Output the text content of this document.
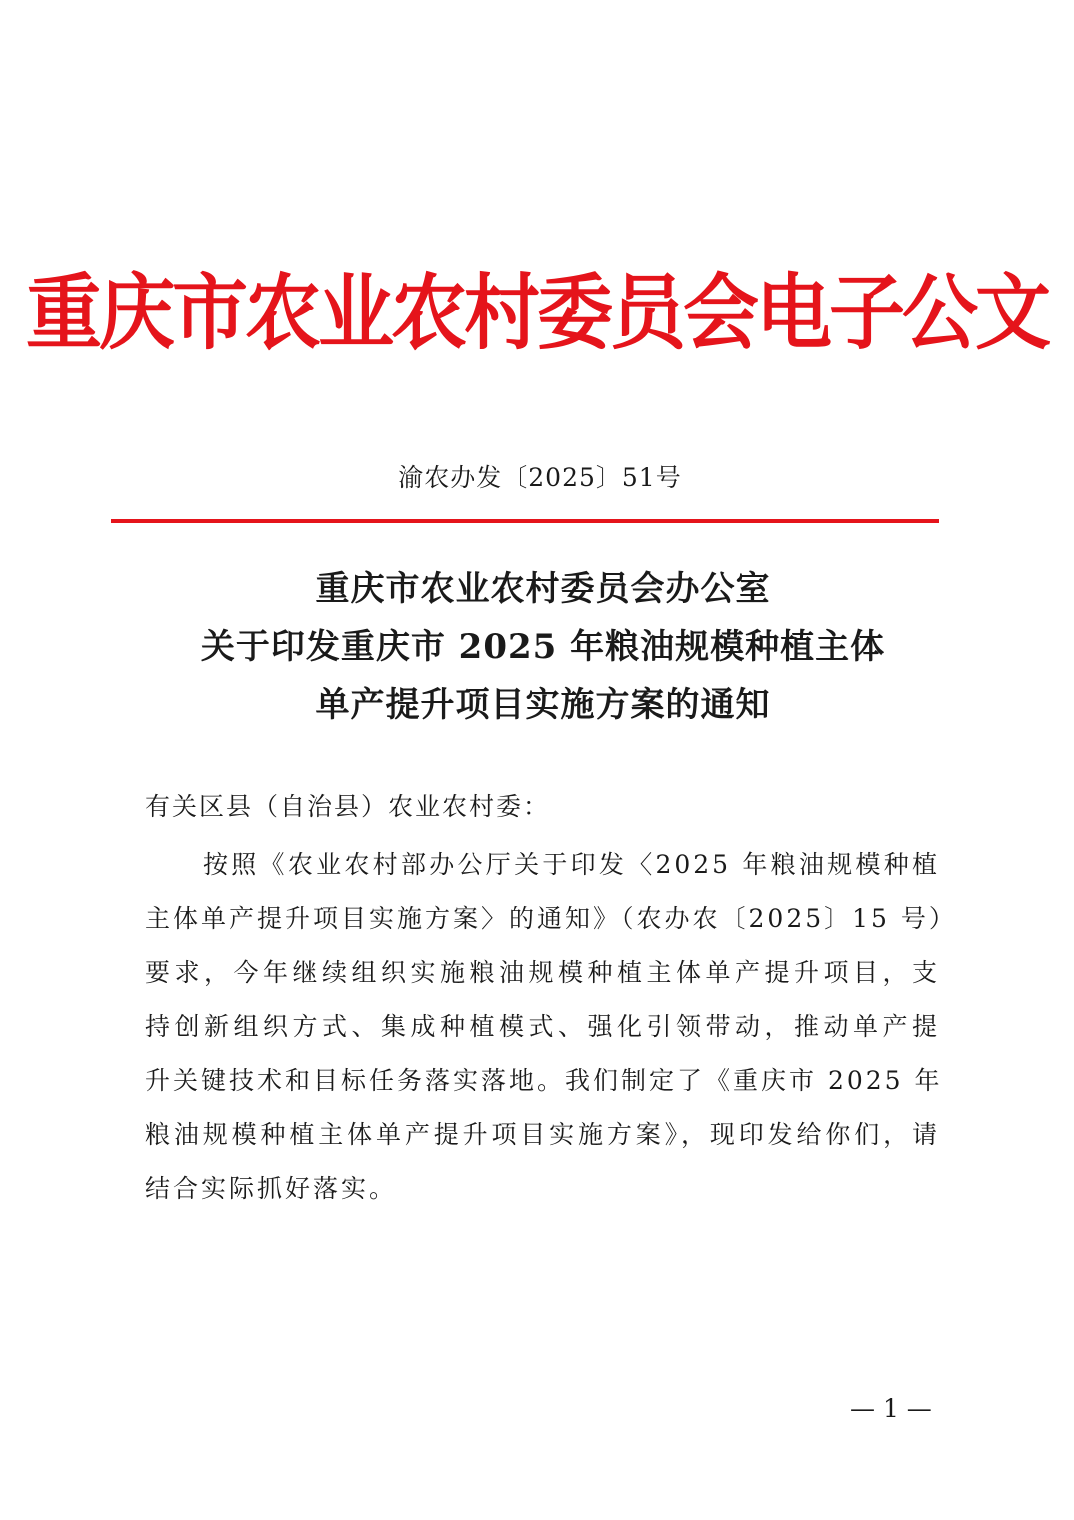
重庆市农业农村委员会电子公文
渝农办发〔2025〕51号
重庆市农业农村委员会办公室
关于印发重庆市 2025 年粮油规模种植主体
单产提升项目实施方案的通知
有关区县（自治县）农业农村委：
按照《农业农村部办公厅关于印发〈2025 年粮油规模种植
主体单产提升项目实施方案〉的通知》（农办农〔2025〕15 号）
要求，今年继续组织实施粮油规模种植主体单产提升项目，支
持创新组织方式、集成种植模式、强化引领带动，推动单产提
升关键技术和目标任务落实落地。我们制定了《重庆市 2025 年
粮油规模种植主体单产提升项目实施方案》，现印发给你们，请
结合实际抓好落实。
— 1 —
